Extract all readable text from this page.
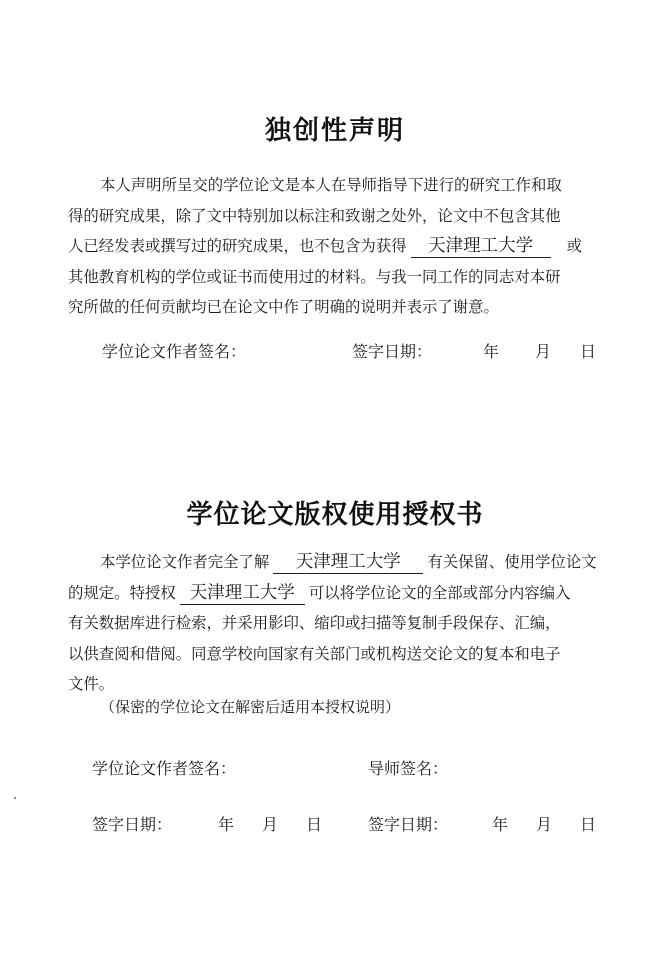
独创性声明
本人声明所呈交的学位论文是本人在导师指导下进行的研究工作和取
得的研究成果，除了文中特别加以标注和致谢之处外，论文中不包含其他
人已经发表或撰写过的研究成果，也不包含为获得 天津理工大学 或
其他教育机构的学位或证书而使用过的材料。与我一同工作的同志对本研
究所做的任何贡献均已在论文中作了明确的说明并表示了谢意。
学位论文作者签名：	签字日期：	年 月 日
学位论文版权使用授权书
本学位论文作者完全了解 天津理工大学 有关保留、使用学位论文
的规定。特授权 天津理工大学 可以将学位论文的全部或部分内容编入
有关数据库进行检索，并采用影印、缩印或扫描等复制手段保存、汇编，
以供查阅和借阅。同意学校向国家有关部门或机构送交论文的复本和电子
文件。
（保密的学位论文在解密后适用本授权说明）
学位论文作者签名：	导师签名：
签字日期：	年 月 日	签字日期：	年 月 日
